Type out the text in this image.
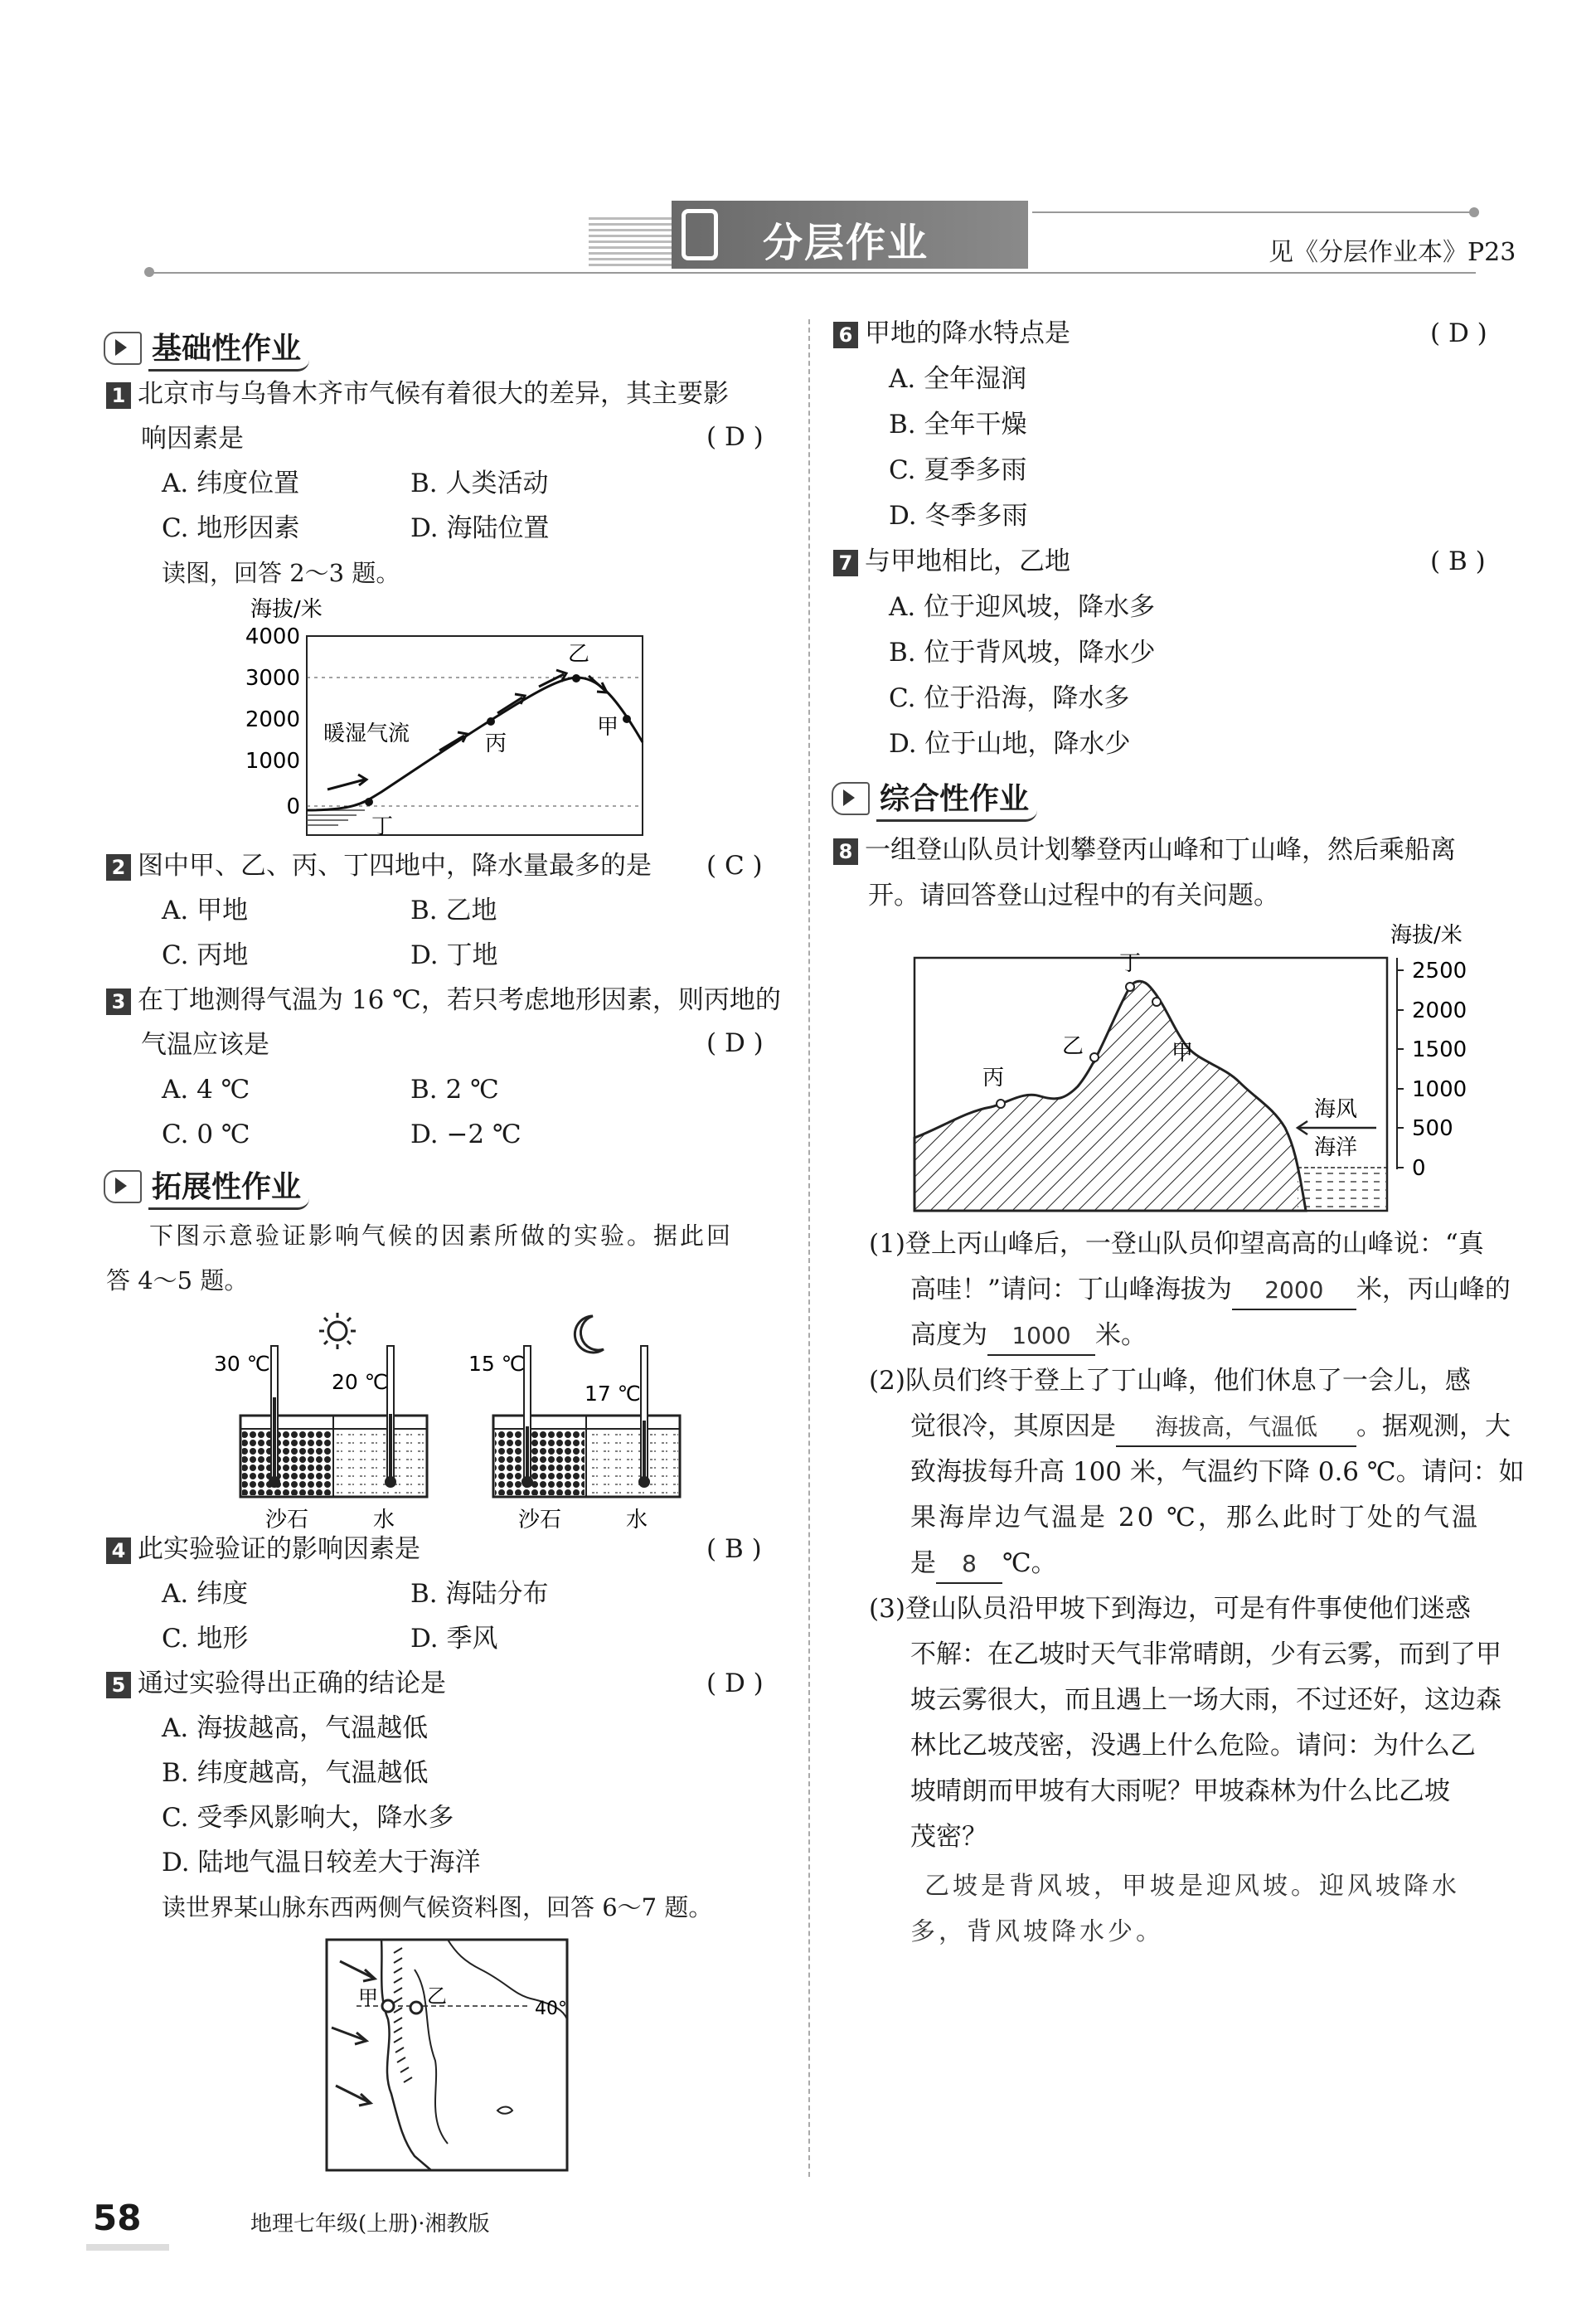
分层作业	见《分层作业本》P23
基础性作业
1 北京市与乌鲁木齐市气候有着很大的差异，其主要影
响因素是	( D )
A. 纬度位置	B. 人类活动
C. 地形因素	D. 海陆位置
读图，回答 2～3 题。
海拔/米
4000
3000
2000
1000
0
乙
甲
丙
丁
暖湿气流
2 图中甲、乙、丙、丁四地中，降水量最多的是 ( C )
A. 甲地	B. 乙地
C. 丙地	D. 丁地
3 在丁地测得气温为 16 ℃，若只考虑地形因素，则丙地的
气温应该是	( D )
A. 4 ℃	B. 2 ℃
C. 0 ℃	D. −2 ℃
拓展性作业
下图示意验证影响气候的因素所做的实验。据此回
答 4～5 题。
30 ℃
20 ℃
15 ℃
17 ℃
沙石	水	沙石	水
4 此实验验证的影响因素是	( B )
A. 纬度	B. 海陆分布
C. 地形	D. 季风
5 通过实验得出正确的结论是	( D )
A. 海拔越高，气温越低
B. 纬度越高，气温越低
C. 受季风影响大，降水多
D. 陆地气温日较差大于海洋
读世界某山脉东西两侧气候资料图，回答 6～7 题。
甲 乙
40°
6 甲地的降水特点是	( D )
A. 全年湿润
B. 全年干燥
C. 夏季多雨
D. 冬季多雨
7 与甲地相比，乙地	( B )
A. 位于迎风坡，降水多
B. 位于背风坡，降水少
C. 位于沿海，降水多
D. 位于山地，降水少
综合性作业
8 一组登山队员计划攀登丙山峰和丁山峰，然后乘船离
开。请回答登山过程中的有关问题。
海拔/米
2500
2000
1500
1000
500
0
丙
丁
乙	甲
海风
海洋
(1)登上丙山峰后，一登山队员仰望高高的山峰说：“真
高哇！”请问：丁山峰海拔为 2000 米，丙山峰的
高度为 1000 米。
(2)队员们终于登上了丁山峰，他们休息了一会儿，感
觉很冷，其原因是 海拔高，气温低 。据观测，大
致海拔每升高 100 米，气温约下降 0.6 ℃。请问：如
果海岸边气温是 20 ℃，那么此时丁处的气温
是 8 ℃。
(3)登山队员沿甲坡下到海边，可是有件事使他们迷惑
不解：在乙坡时天气非常晴朗，少有云雾，而到了甲
坡云雾很大，而且遇上一场大雨，不过还好，这边森
林比乙坡茂密，没遇上什么危险。请问：为什么乙
坡晴朗而甲坡有大雨呢？甲坡森林为什么比乙坡
茂密？
乙坡是背风坡，甲坡是迎风坡。迎风坡降水
多，背风坡降水少。
58	地理七年级(上册)·湘教版
